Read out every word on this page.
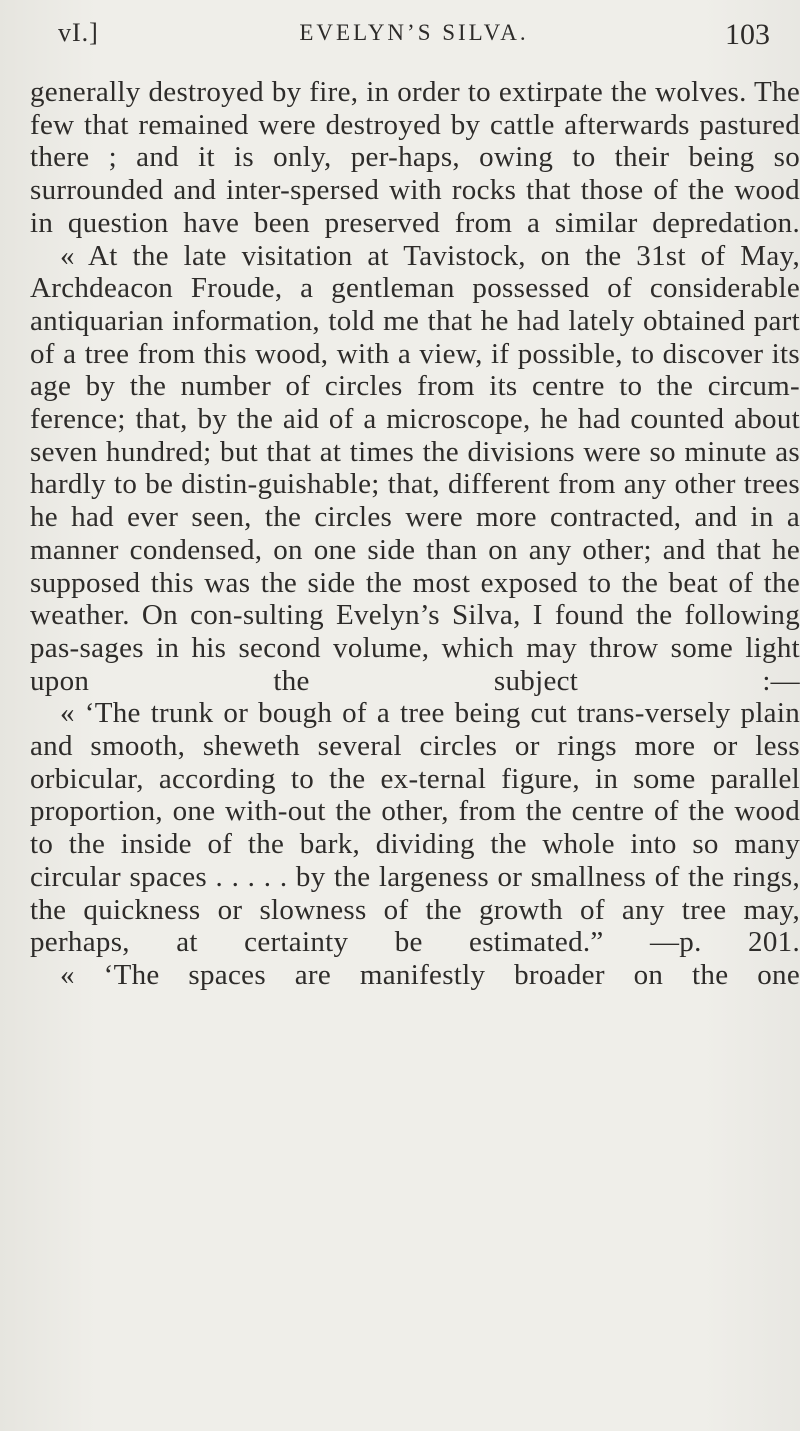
vI.]	EVELYN’S SILVA.	103

generally destroyed by fire, in order to extirpate the wolves. The few that remained were destroyed by cattle afterwards pastured there ; and it is only, per-haps, owing to their being so surrounded and inter-spersed with rocks that those of the wood in question have been preserved from a similar depredation.

« At the late visitation at Tavistock, on the 31st of May, Archdeacon Froude, a gentleman possessed of considerable antiquarian information, told me that he had lately obtained part of a tree from this wood, with a view, if possible, to discover its age by the number of circles from its centre to the circum-ference; that, by the aid of a microscope, he had counted about seven hundred; but that at times the divisions were so minute as hardly to be distin-guishable; that, different from any other trees he had ever seen, the circles were more contracted, and in a manner condensed, on one side than on any other; and that he supposed this was the side the most exposed to the beat of the weather. On con-sulting Evelyn’s Silva, I found the following pas-sages in his second volume, which may throw some light upon the subject :—

« ‘The trunk or bough of a tree being cut trans-versely plain and smooth, sheweth several circles or rings more or less orbicular, according to the ex-ternal figure, in some parallel proportion, one with-out the other, from the centre of the wood to the inside of the bark, dividing the whole into so many circular spaces . . . . . by the largeness or smallness of the rings, the quickness or slowness of the growth of any tree may, perhaps, at certainty be estimated.” —p. 201.

« ‘The spaces are manifestly broader on the one
